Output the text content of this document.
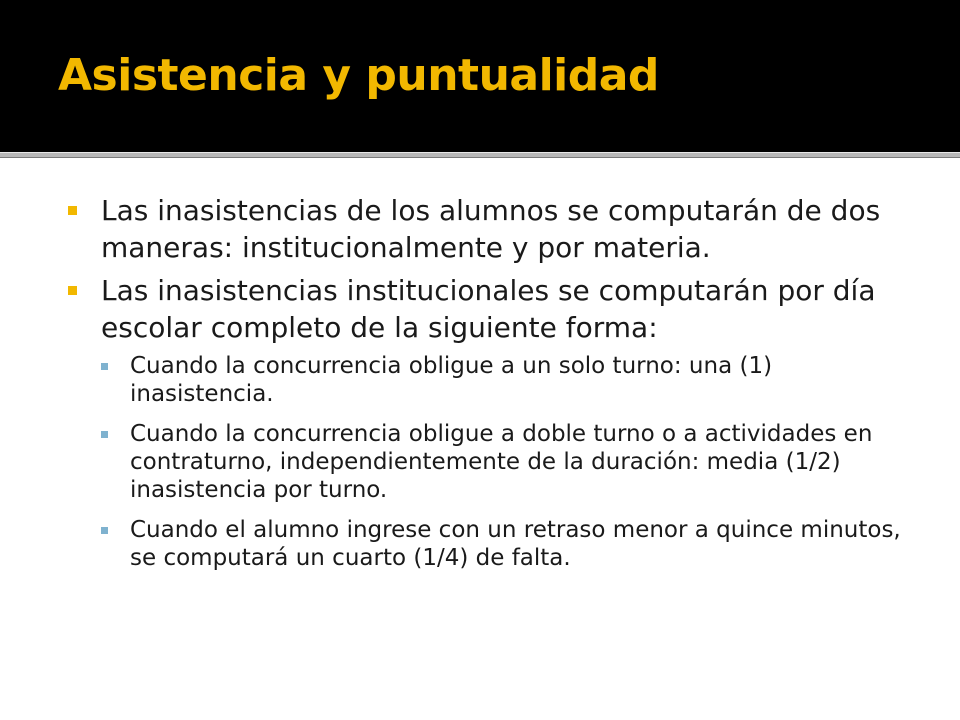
Asistencia y puntualidad
Las inasistencias de los alumnos se computarán de dos maneras: institucionalmente y por materia.
Las inasistencias institucionales se computarán por día escolar completo de la siguiente forma:
Cuando la concurrencia obligue a un solo turno: una (1) inasistencia.
Cuando la concurrencia obligue a doble turno o a actividades en contraturno, independientemente de la duración: media (1/2) inasistencia por turno.
Cuando el alumno ingrese con un retraso menor a quince minutos, se computará un cuarto (1/4) de falta.
